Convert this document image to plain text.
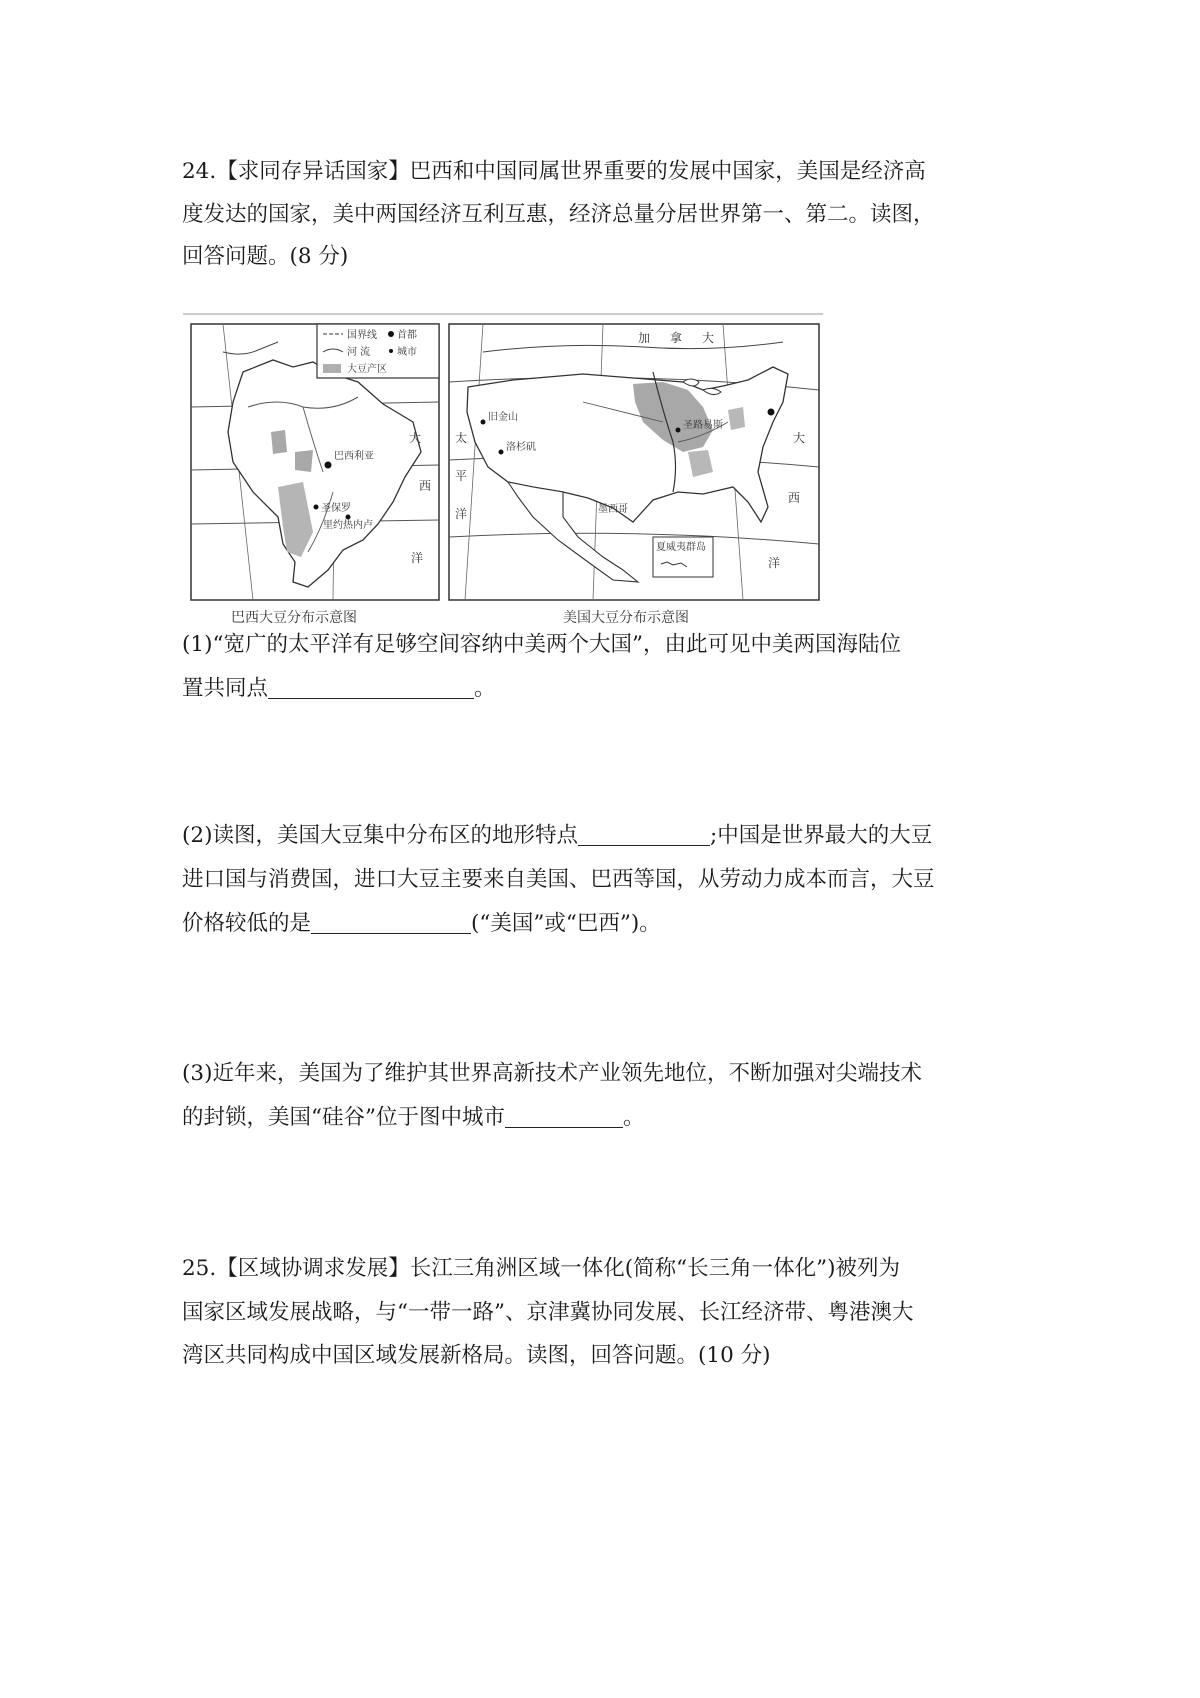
24.【求同存异话国家】巴西和中国同属世界重要的发展中国家，美国是经济高
度发达的国家，美中两国经济互利互惠，经济总量分居世界第一、第二。读图，
回答问题。(8 分)
巴西利亚
圣保罗
里约热内卢
大
西
洋
国界线 首都
河 流	城市
大豆产区
巴西大豆分布示意图
旧金山
洛杉矶
圣路易斯
加 拿 大
太
平
洋
大
西
洋
墨西哥
夏威夷群岛
美国大豆分布示意图
(1)“宽广的太平洋有足够空间容纳中美两个大国”，由此可见中美两国海陆位
置共同点	。
(2)读图，美国大豆集中分布区的地形特点	;中国是世界最大的大豆
进口国与消费国，进口大豆主要来自美国、巴西等国，从劳动力成本而言，大豆
价格较低的是	(“美国”或“巴西”)。
(3)近年来，美国为了维护其世界高新技术产业领先地位，不断加强对尖端技术
的封锁，美国“硅谷”位于图中城市	。
25.【区域协调求发展】长江三角洲区域一体化(简称“长三角一体化”)被列为
国家区域发展战略，与“一带一路”、京津冀协同发展、长江经济带、粤港澳大
湾区共同构成中国区域发展新格局。读图，回答问题。(10 分)
